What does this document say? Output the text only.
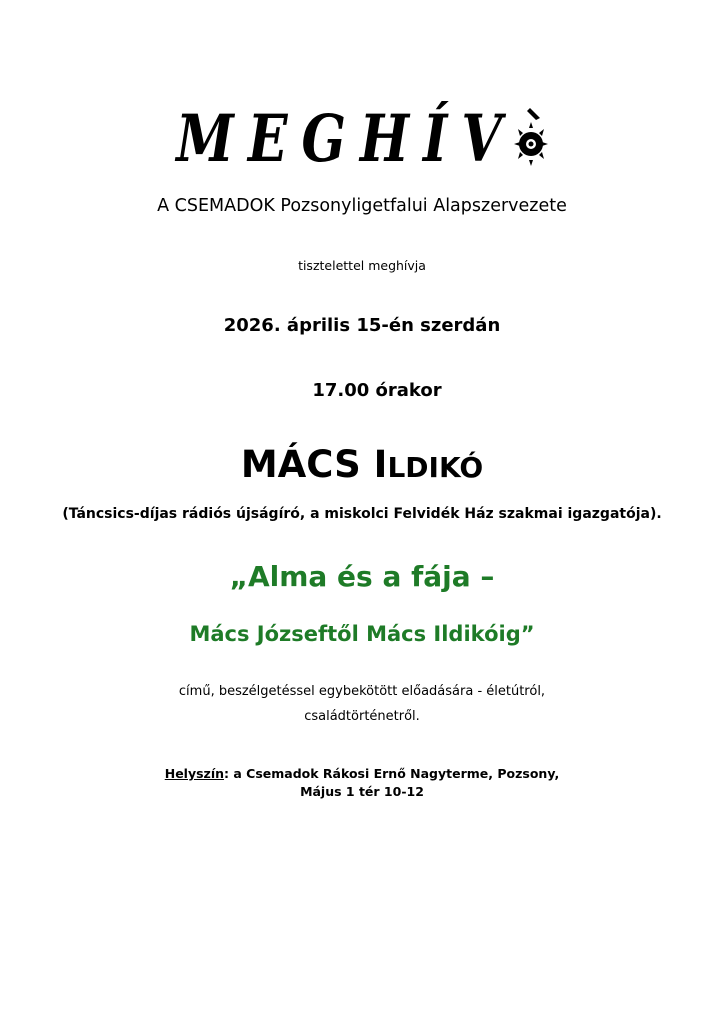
MEGHÍV
A CSEMADOK Pozsonyligetfalui Alapszervezete
tisztelettel meghívja
2026. április 15-én szerdán
17.00 órakor
MÁCS ILDIKÓ
(Táncsics-díjas rádiós újságíró, a miskolci Felvidék Ház szakmai igazgatója).
„Alma és a fája –
Mács Józseftől Mács Ildikóig”
című, beszélgetéssel egybekötött előadására - életútról,
családtörténetről.
Helyszín: a Csemadok Rákosi Ernő Nagyterme, Pozsony,
Május 1 tér 10-12
